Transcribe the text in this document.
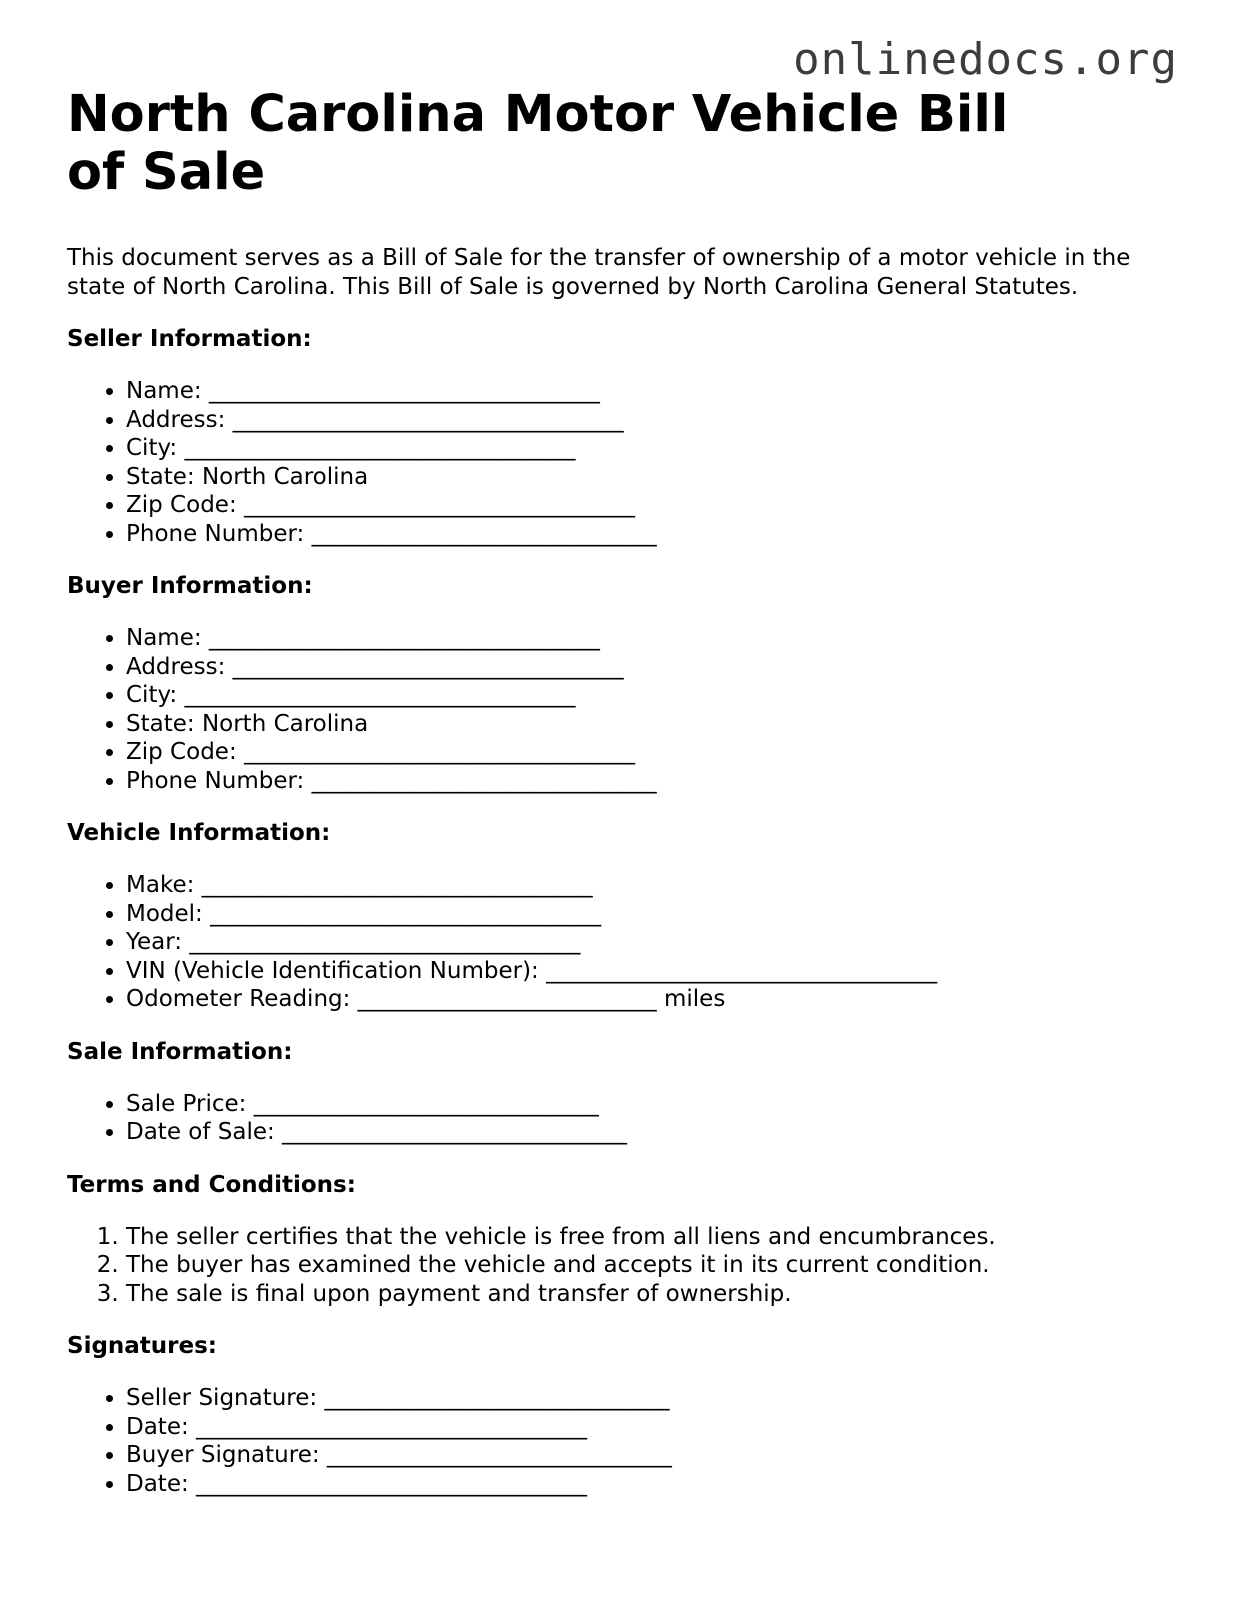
onlinedocs.org
North Carolina Motor Vehicle Bill of Sale

This document serves as a Bill of Sale for the transfer of ownership of a motor vehicle in the state of North Carolina. This Bill of Sale is governed by North Carolina General Statutes.

Seller Information:
• Name: __________________________________
• Address: __________________________________
• City: __________________________________
• State: North Carolina
• Zip Code: __________________________________
• Phone Number: ______________________________
Buyer Information:
• Name: __________________________________
• Address: __________________________________
• City: __________________________________
• State: North Carolina
• Zip Code: __________________________________
• Phone Number: ______________________________
Vehicle Information:
• Make: __________________________________
• Model: __________________________________
• Year: __________________________________
• VIN (Vehicle Identification Number): __________________________________
• Odometer Reading: __________________________ miles
Sale Information:
• Sale Price: ______________________________
• Date of Sale: ______________________________
Terms and Conditions:
1. The seller certifies that the vehicle is free from all liens and encumbrances.
2. The buyer has examined the vehicle and accepts it in its current condition.
3. The sale is final upon payment and transfer of ownership.
Signatures:
• Seller Signature: ______________________________
• Date: __________________________________
• Buyer Signature: ______________________________
• Date: __________________________________
